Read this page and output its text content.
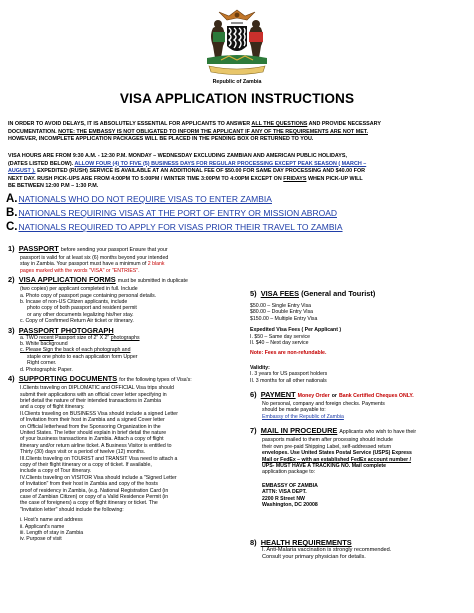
Republic of Zambia
VISA APPLICATION INSTRUCTIONS
IN ORDER TO AVOID DELAYS, IT IS ABSOLUTELY ESSENTIAL FOR APPLICANTS TO ANSWER ALL THE QUESTIONS AND PROVIDE NECESSARY
DOCUMENTATION. NOTE: THE EMBASSY IS NOT OBLIGATED TO INFORM THE APPLICANT IF ANY OF THE REQUIREMENTS ARE NOT MET.
HOWEVER, INCOMPLETE APPLICATION PACKAGES WILL BE PLACED IN THE PENDING BOX OR RETURNED TO YOU.
VISA HOURS ARE FROM 9:30 A.M. - 12:30 P.M. MONDAY – WEDNESDAY EXCLUDING ZAMBIAN AND AMERICAN PUBLIC HOLIDAYS,
(DATES LISTED BELOW). ALLOW FOUR (4) TO FIVE (5) BUSINESS DAYS FOR REGULAR PROCESSING EXCEPT PEAK SEASON ( MARCH –
AUGUST ). EXPEDITED (RUSH) SERVICE IS AVAILABLE AT AN ADDITIONAL FEE OF $50.00 FOR SAME DAY PROCESSING AND $40.00 FOR
NEXT DAY. RUSH PICK-UPS ARE FROM 4:00PM TO 5:00PM / WINTER TIME 3:00PM TO 4:00PM EXCEPT ON FRIDAYS WHEN PICK-UP WILL
BE BETWEEN 12:00 P.M – 1:30 P.M.
A.NATIONALS WHO DO NOT REQUIRE VISAS TO ENTER ZAMBIA
B.NATIONALS REQUIRING VISAS AT THE PORT OF ENTRY OR MISSION ABROAD
C.NATIONALS REQUIRED TO APPLY FOR VISAS PRIOR THEIR TRAVEL TO ZAMBIA
1) PASSPORT before sending your passport Ensure that your
passport is valid for at least six (6) months beyond your intended
stay in Zambia. Your passport must have a minimum of 2 blank
pages marked with the words "VISA" or "ENTRIES".
2) VISA APPLICATION FORMS must be submitted in duplicate
(two copies) per applicant completed in full. Include
a. Photo copy of passport page containing personal details.
b. Incase of non-US Citizen applicants, include
photo copy of both passport and resident permit
or any other documents legalizing his/her stay.
c. Copy of Confirmed Return Air ticket or itinerary.
3) PASSPORT PHOTOGRAPH
a. TWO recent Passport size of 2" X 2" photographs
b. White background
c. Please Sign the back of each photograph and
staple one photo to each application form Upper
Right corner.
d. Photographic Paper.
4) SUPPORTING DOCUMENTS for the following types of Visa's:
I.Clients traveling on DIPLOMATIC and OFFICIAL Visa trips should
submit their applications with an official cover letter specifying in
brief detail the nature of their intended transactions in Zambia
and a copy of flight itinerary.
II.Clients traveling on BUSINESS Visa should include a signed Letter
of Invitation from their host in Zambia and a signed Cover letter
on Official letterhead from the Sponsoring Organization in the
United States. The letter should explain in brief detail the nature
of your business transactions in Zambia. Attach a copy of flight
itinerary and/or return airline ticket. A Business Visitor is entitled to
Thirty (30) days visit or a period of twelve (12) months.
III.Clients traveling on TOURIST and TRANSIT Visa need to attach a
copy of their flight itinerary or a copy of ticket. If available,
include a copy of Tour itinerary.
IV.Clients traveling on VISITOR Visa should include a "Signed Letter
of Invitation" from their host in Zambia and copy of the hosts
proof of residency in Zambia, (e.g. National Registration Card (in
case of Zambian Citizen) or copy of a Valid Residence Permit (in
the case of foreigners) a copy of flight itinerary or ticket. The
"Invitation letter" should include the following:
i. Host's name and address
ii. Applicant's name
iii. Length of stay in Zambia
iv. Purpose of visit
5) VISA FEES (General and Tourist)
$50.00 – Single Entry Visa
$80.00 – Double Entry Visa
$150.00 – Multiple Entry Visa
Expedited Visa Fees ( Per Applicant )
I. $50 – Same day service
II. $40 – Next day service
Note: Fees are non-refundable.
Validity:
I. 3 years for US passport holders
II. 3 months for all other nationals
6) PAYMENT Money Order or Bank Certified Cheques ONLY.
No personal, company and foreign checks. Payments
should be made payable to:
Embassy of the Republic of Zambia
7) MAIL IN PROCEDURE Applicants who wish to have their
passports mailed to them after processing should include
their own pre-paid Shipping Label, self-addressed return
envelopes. Use United States Postal Service (USPS) Express
Mail or FedEx – with an established FedEx account number /
UPS- MUST HAVE A TRACKING NO. Mail complete
application package to:
EMBASSY OF ZAMBIA
ATTN: VISA DEPT.
2200 R Street NW
Washington, DC 20008
8) HEALTH REQUIREMENTS
I. Anti-Malaria vaccination is strongly recommended.
Consult your primary physician for details.
